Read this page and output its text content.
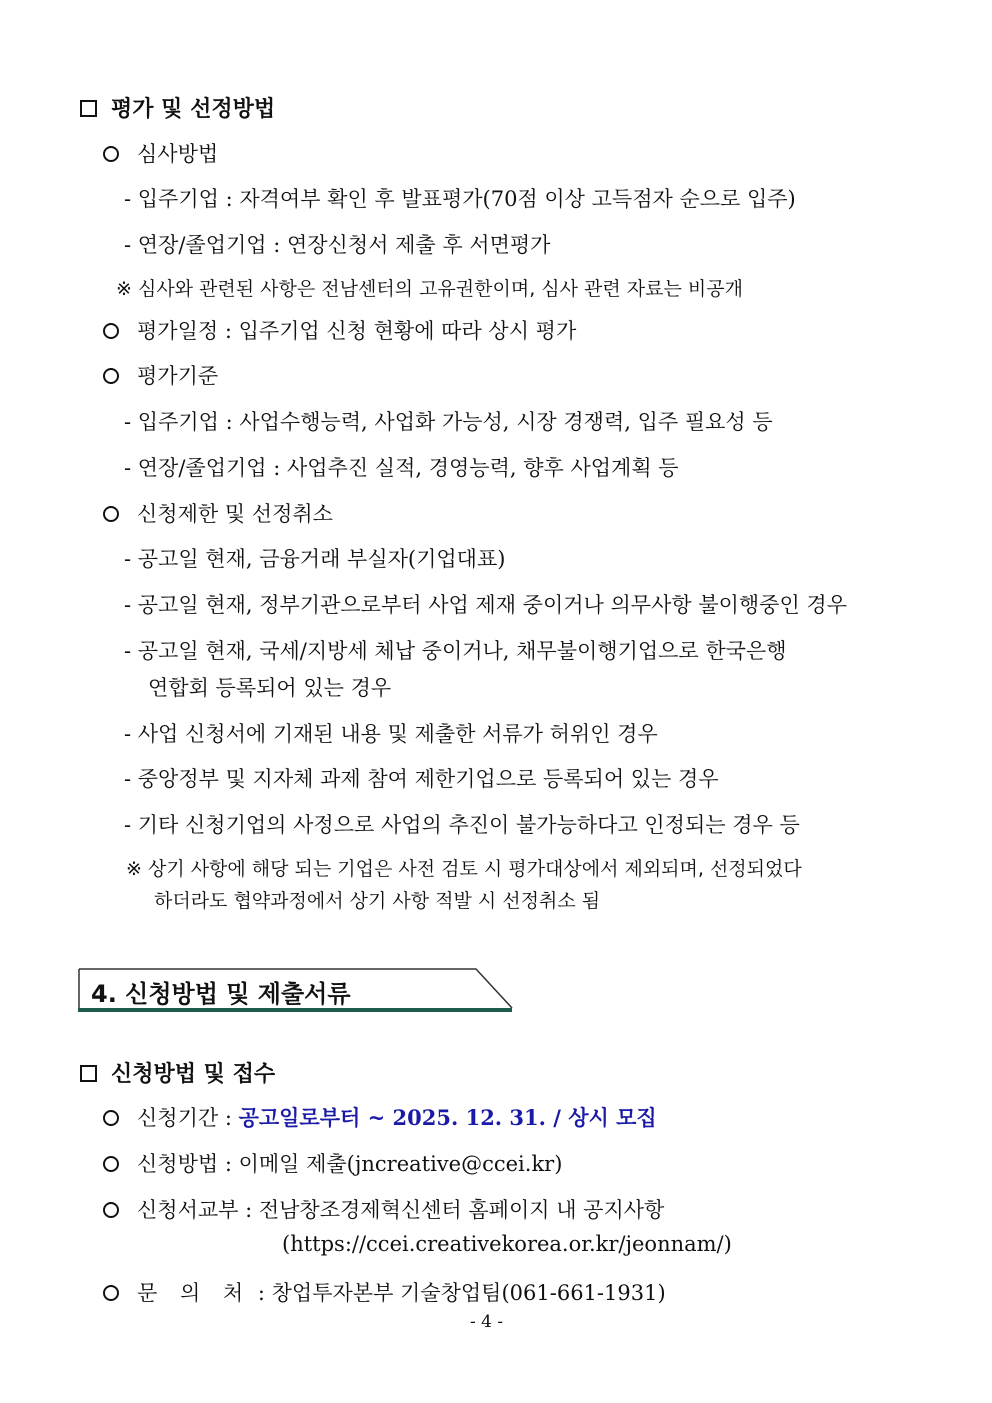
평가 및 선정방법
심사방법
- 입주기업 : 자격여부 확인 후 발표평가(70점 이상 고득점자 순으로 입주)
- 연장/졸업기업 : 연장신청서 제출 후 서면평가
※ 심사와 관련된 사항은 전남센터의 고유권한이며, 심사 관련 자료는 비공개
평가일정 : 입주기업 신청 현황에 따라 상시 평가
평가기준
- 입주기업 : 사업수행능력, 사업화 가능성, 시장 경쟁력, 입주 필요성 등
- 연장/졸업기업 : 사업추진 실적, 경영능력, 향후 사업계획 등
신청제한 및 선정취소
- 공고일 현재, 금융거래 부실자(기업대표)
- 공고일 현재, 정부기관으로부터 사업 제재 중이거나 의무사항 불이행중인 경우
- 공고일 현재, 국세/지방세 체납 중이거나, 채무불이행기업으로 한국은행
연합회 등록되어 있는 경우
- 사업 신청서에 기재된 내용 및 제출한 서류가 허위인 경우
- 중앙정부 및 지자체 과제 참여 제한기업으로 등록되어 있는 경우
- 기타 신청기업의 사정으로 사업의 추진이 불가능하다고 인정되는 경우 등
※ 상기 사항에 해당 되는 기업은 사전 검토 시 평가대상에서 제외되며, 선정되었다
하더라도 협약과정에서 상기 사항 적발 시 선정취소 됨
4. 신청방법 및 제출서류
신청방법 및 접수
신청기간 : 공고일로부터 ~ 2025. 12. 31. / 상시 모집
신청방법 : 이메일 제출(jncreative@ccei.kr)
신청서교부 : 전남창조경제혁신센터 홈페이지 내 공지사항
(https://ccei.creativekorea.or.kr/jeonnam/)
문 의 처 : 창업투자본부 기술창업팀(061-661-1931)
- 4 -
